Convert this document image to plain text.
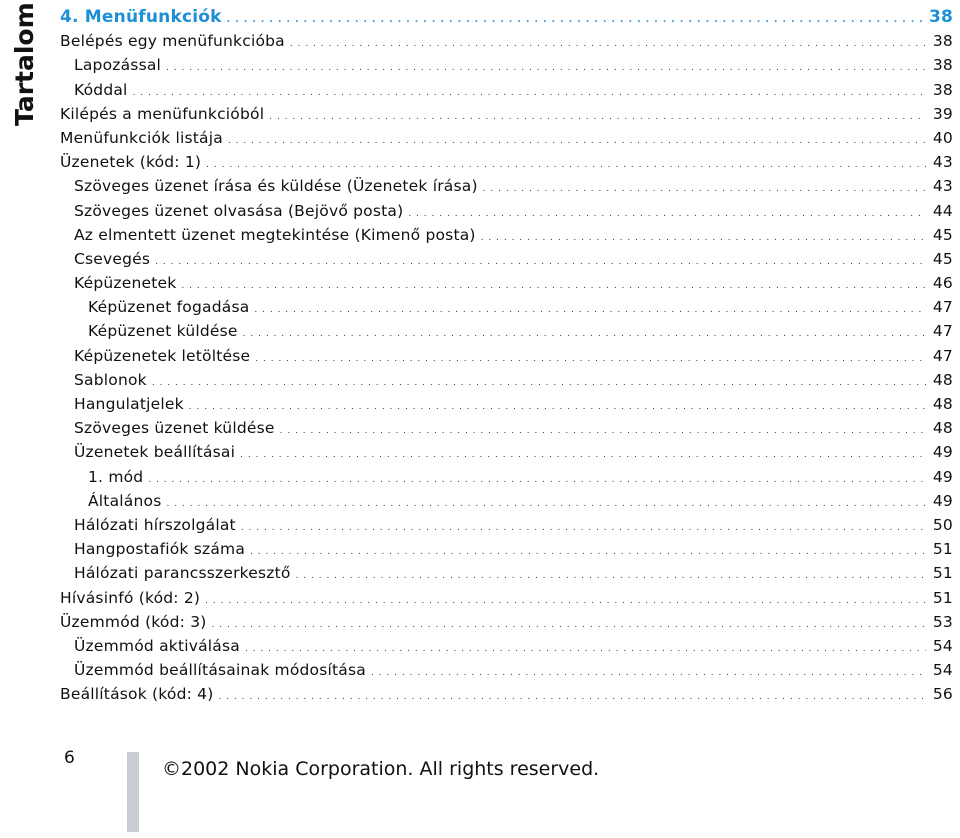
Tartalom	4. Menüfunkciók . . .	38
Belépés egy menüfunkcióba . . .	38
Lapozással . . .	38
Kóddal . . .	38
Kilépés a menüfunkcióból . . .	39
Menüfunkciók listája . . .	40
Üzenetek (kód: 1) . . .	43
Szöveges üzenet írása és küldése (Üzenetek írása) . . .	43
Szöveges üzenet olvasása (Bejövő posta) . . .	44
Az elmentett üzenet megtekintése (Kimenő posta) . . .	45
Csevegés . . .	45
Képüzenetek . . .	46
Képüzenet fogadása . . .	47
Képüzenet küldése . . .	47
Képüzenetek letöltése . . .	47
Sablonok . . .	48
Hangulatjelek . . .	48
Szöveges üzenet küldése . . .	48
Üzenetek beállításai . . .	49
1. mód . . .	49
Általános . . .	49
Hálózati hírszolgálat . . .	50
Hangpostafiók száma . . .	51
Hálózati parancsszerkesztő . . .	51
Hívásinfó (kód: 2) . . .	51
Üzemmód (kód: 3) . . .	53
Üzemmód aktiválása . . .	54
Üzemmód beállításainak módosítása . . .	54
Beállítások (kód: 4) . . .	56
6	©2002 Nokia Corporation. All rights reserved.
